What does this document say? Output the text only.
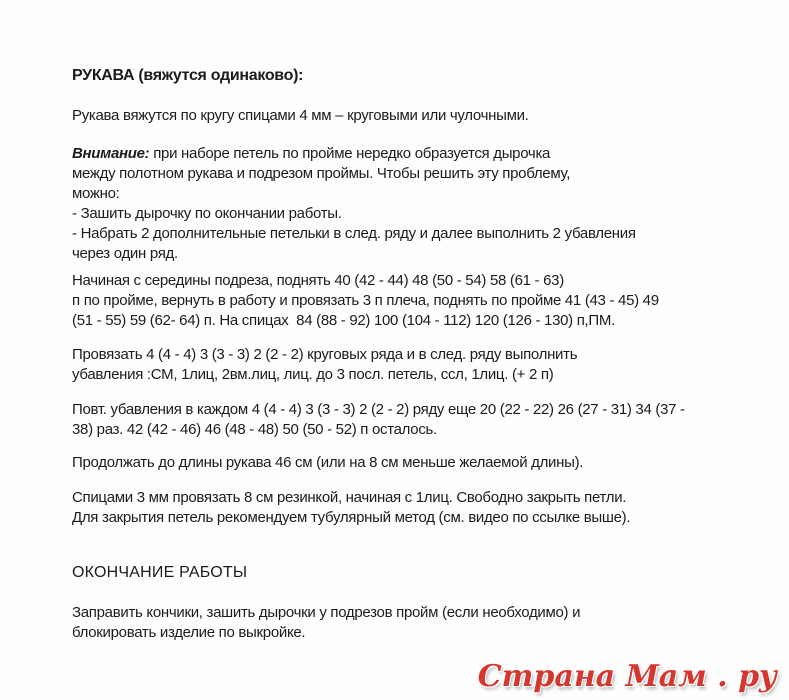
РУКАВА (вяжутся одинаково):
Рукава вяжутся по кругу спицами 4 мм – круговыми или чулочными.
Внимание: при наборе петель по пройме нередко образуется дырочка
между полотном рукава и подрезом проймы. Чтобы решить эту проблему,
можно:
- Зашить дырочку по окончании работы.
- Набрать 2 дополнительные петельки в след. ряду и далее выполнить 2 убавления
через один ряд.
Начиная с середины подреза, поднять 40 (42 - 44) 48 (50 - 54) 58 (61 - 63)
п по пройме, вернуть в работу и провязать 3 п плеча, поднять по пройме 41 (43 - 45) 49
(51 - 55) 59 (62- 64) п. На спицах  84 (88 - 92) 100 (104 - 112) 120 (126 - 130) п,ПМ.
Провязать 4 (4 - 4) 3 (3 - 3) 2 (2 - 2) круговых ряда и в след. ряду выполнить
убавления :СМ, 1лиц, 2вм.лиц, лиц. до 3 посл. петель, ссл, 1лиц. (+ 2 п)
Повт. убавления в каждом 4 (4 - 4) 3 (3 - 3) 2 (2 - 2) ряду еще 20 (22 - 22) 26 (27 - 31) 34 (37 -
38) раз. 42 (42 - 46) 46 (48 - 48) 50 (50 - 52) п осталось.
Продолжать до длины рукава 46 см (или на 8 см меньше желаемой длины).
Спицами 3 мм провязать 8 см резинкой, начиная с 1лиц. Свободно закрыть петли.
Для закрытия петель рекомендуем тубулярный метод (см. видео по ссылке выше).
ОКОНЧАНИЕ РАБОТЫ
Заправить кончики, зашить дырочки у подрезов пройм (если необходимо) и
блокировать изделие по выкройке.
Страна Мам . ру
